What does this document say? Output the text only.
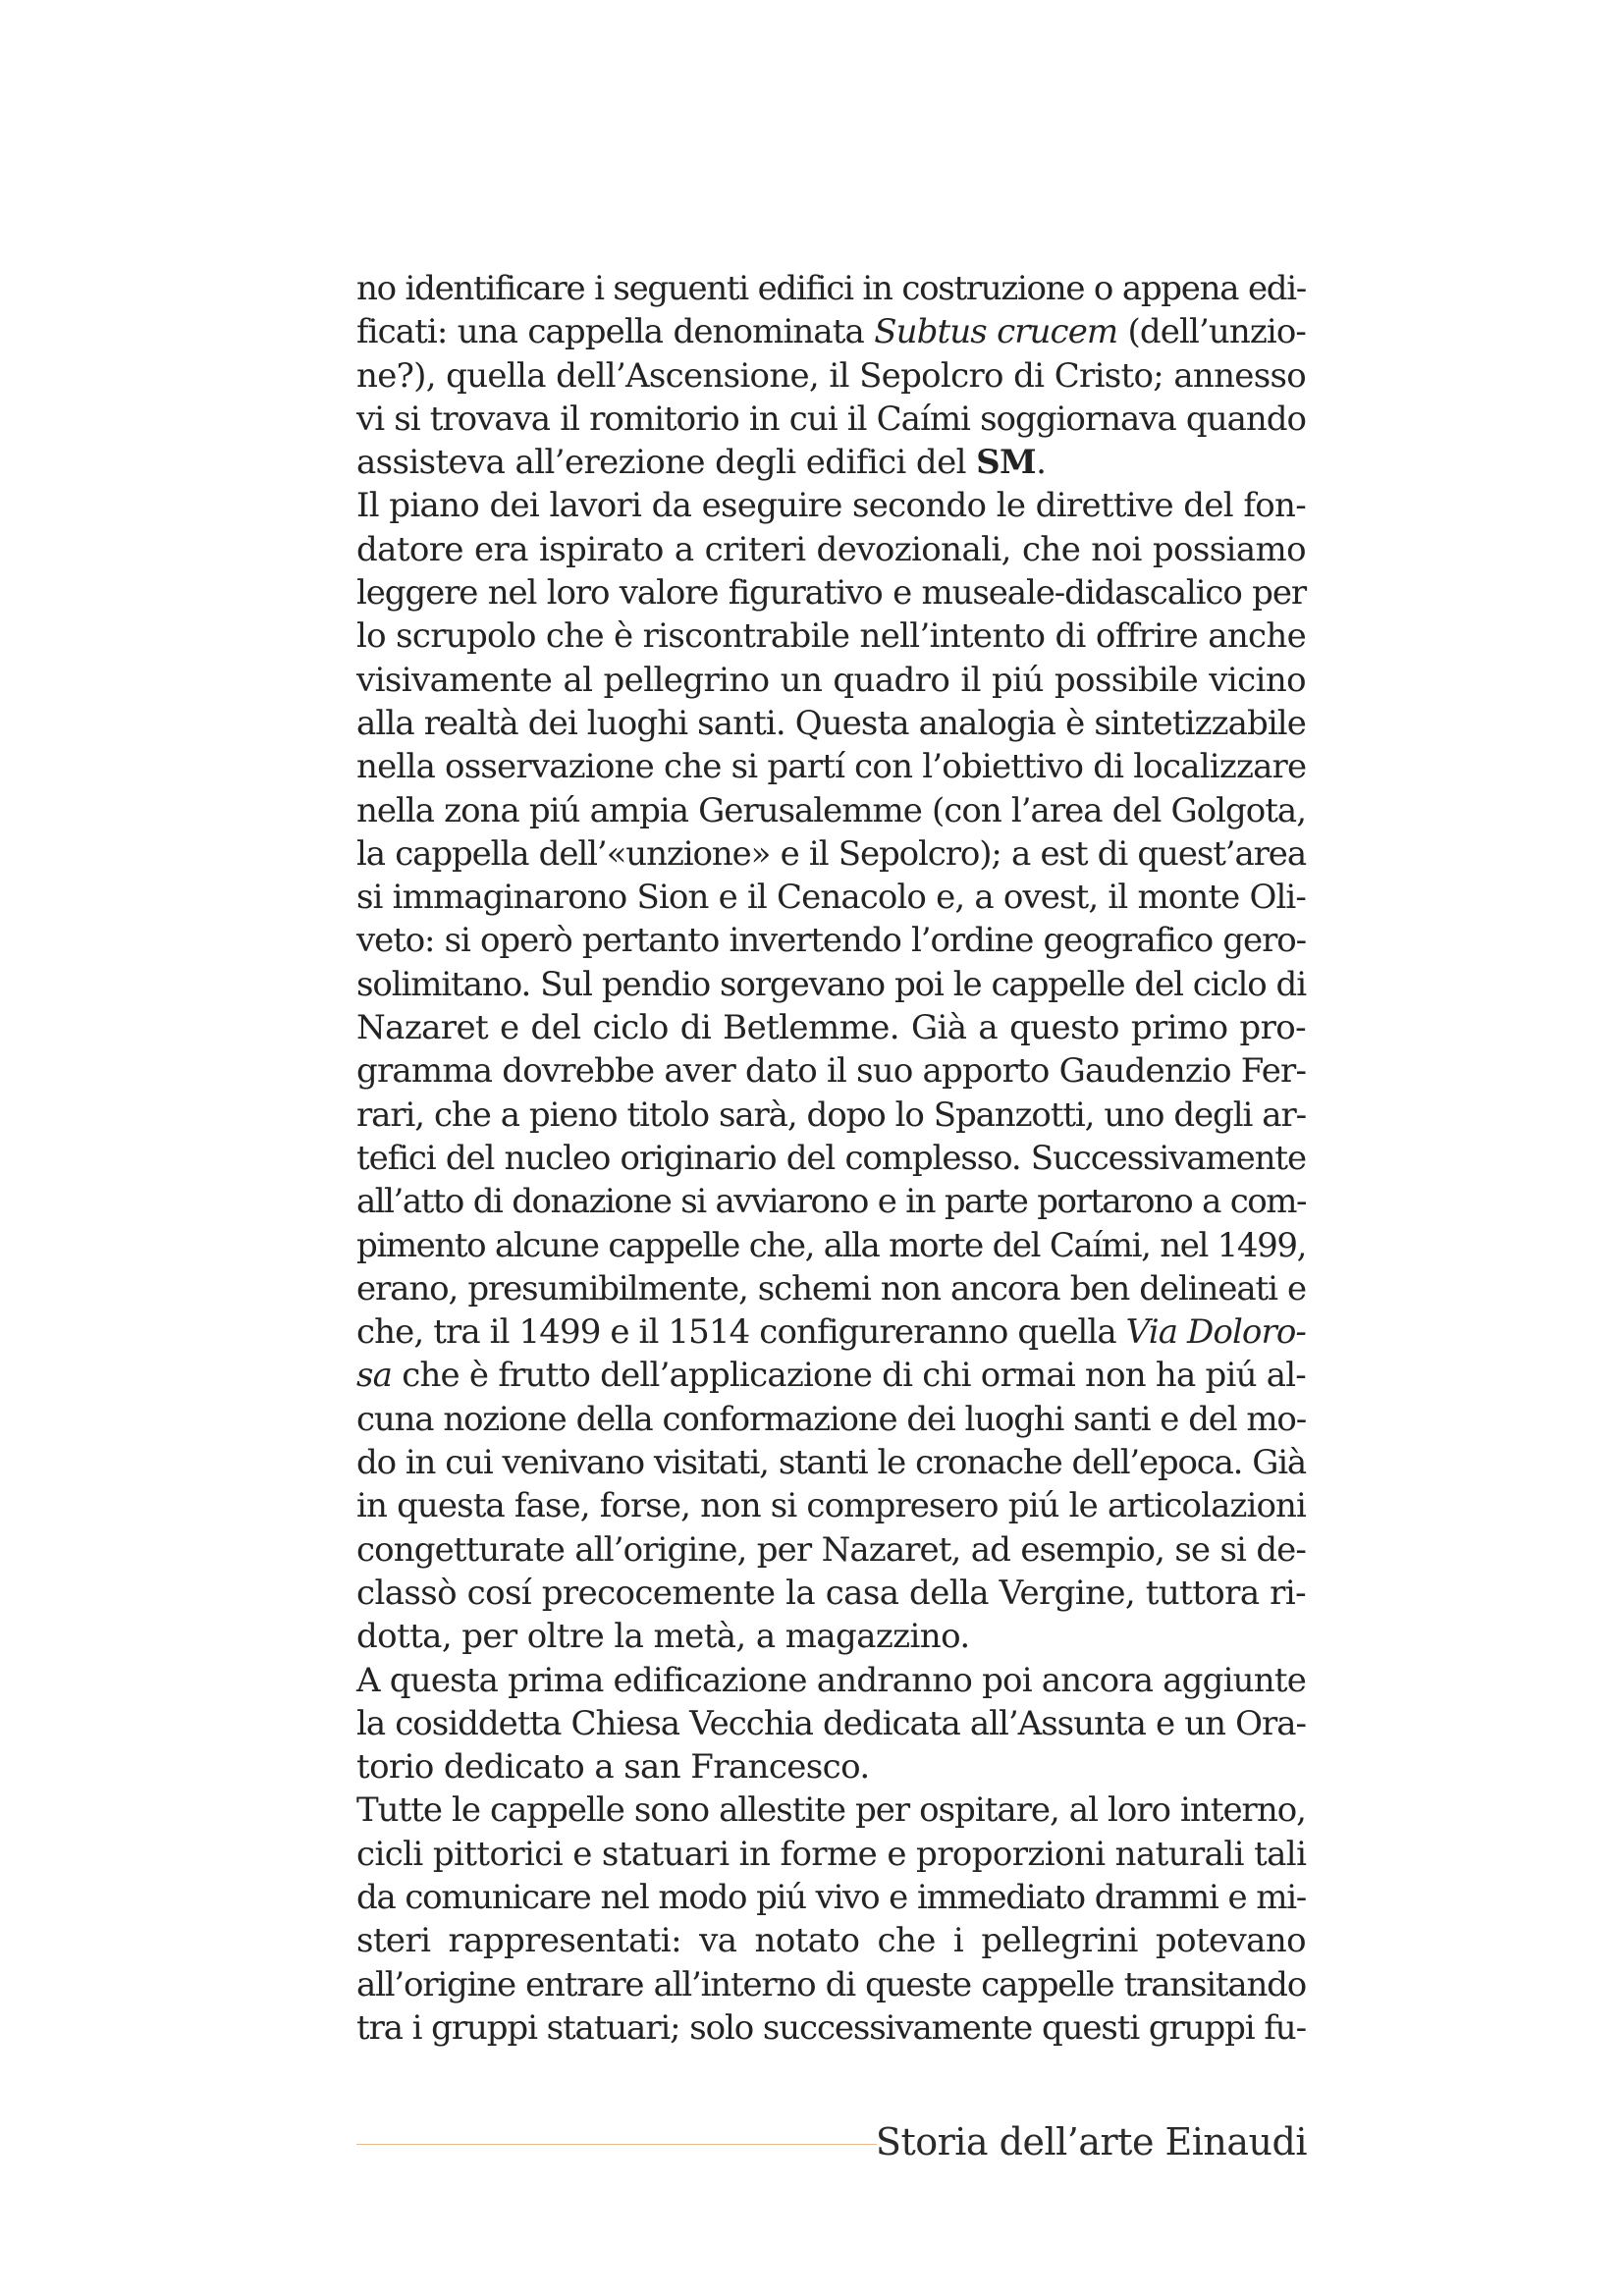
no identificare i seguenti edifici in costruzione o appena edi-
ficati: una cappella denominata Subtus crucem (dell’unzio-
ne?), quella dell’Ascensione, il Sepolcro di Cristo; annesso
vi si trovava il romitorio in cui il Caími soggiornava quando
assisteva all’erezione degli edifici del SM.
Il piano dei lavori da eseguire secondo le direttive del fon-
datore era ispirato a criteri devozionali, che noi possiamo
leggere nel loro valore figurativo e museale-didascalico per
lo scrupolo che è riscontrabile nell’intento di offrire anche
visivamente al pellegrino un quadro il piú possibile vicino
alla realtà dei luoghi santi. Questa analogia è sintetizzabile
nella osservazione che si partí con l’obiettivo di localizzare
nella zona piú ampia Gerusalemme (con l’area del Golgota,
la cappella dell’«unzione» e il Sepolcro); a est di quest’area
si immaginarono Sion e il Cenacolo e, a ovest, il monte Oli-
veto: si operò pertanto invertendo l’ordine geografico gero-
solimitano. Sul pendio sorgevano poi le cappelle del ciclo di
Nazaret e del ciclo di Betlemme. Già a questo primo pro-
gramma dovrebbe aver dato il suo apporto Gaudenzio Fer-
rari, che a pieno titolo sarà, dopo lo Spanzotti, uno degli ar-
tefici del nucleo originario del complesso. Successivamente
all’atto di donazione si avviarono e in parte portarono a com-
pimento alcune cappelle che, alla morte del Caími, nel 1499,
erano, presumibilmente, schemi non ancora ben delineati e
che, tra il 1499 e il 1514 configureranno quella Via Doloro-
sa che è frutto dell’applicazione di chi ormai non ha piú al-
cuna nozione della conformazione dei luoghi santi e del mo-
do in cui venivano visitati, stanti le cronache dell’epoca. Già
in questa fase, forse, non si compresero piú le articolazioni
congetturate all’origine, per Nazaret, ad esempio, se si de-
classò cosí precocemente la casa della Vergine, tuttora ri-
dotta, per oltre la metà, a magazzino.
A questa prima edificazione andranno poi ancora aggiunte
la cosiddetta Chiesa Vecchia dedicata all’Assunta e un Ora-
torio dedicato a san Francesco.
Tutte le cappelle sono allestite per ospitare, al loro interno,
cicli pittorici e statuari in forme e proporzioni naturali tali
da comunicare nel modo piú vivo e immediato drammi e mi-
steri rappresentati: va notato che i pellegrini potevano
all’origine entrare all’interno di queste cappelle transitando
tra i gruppi statuari; solo successivamente questi gruppi fu-
Storia dell’arte Einaudi
